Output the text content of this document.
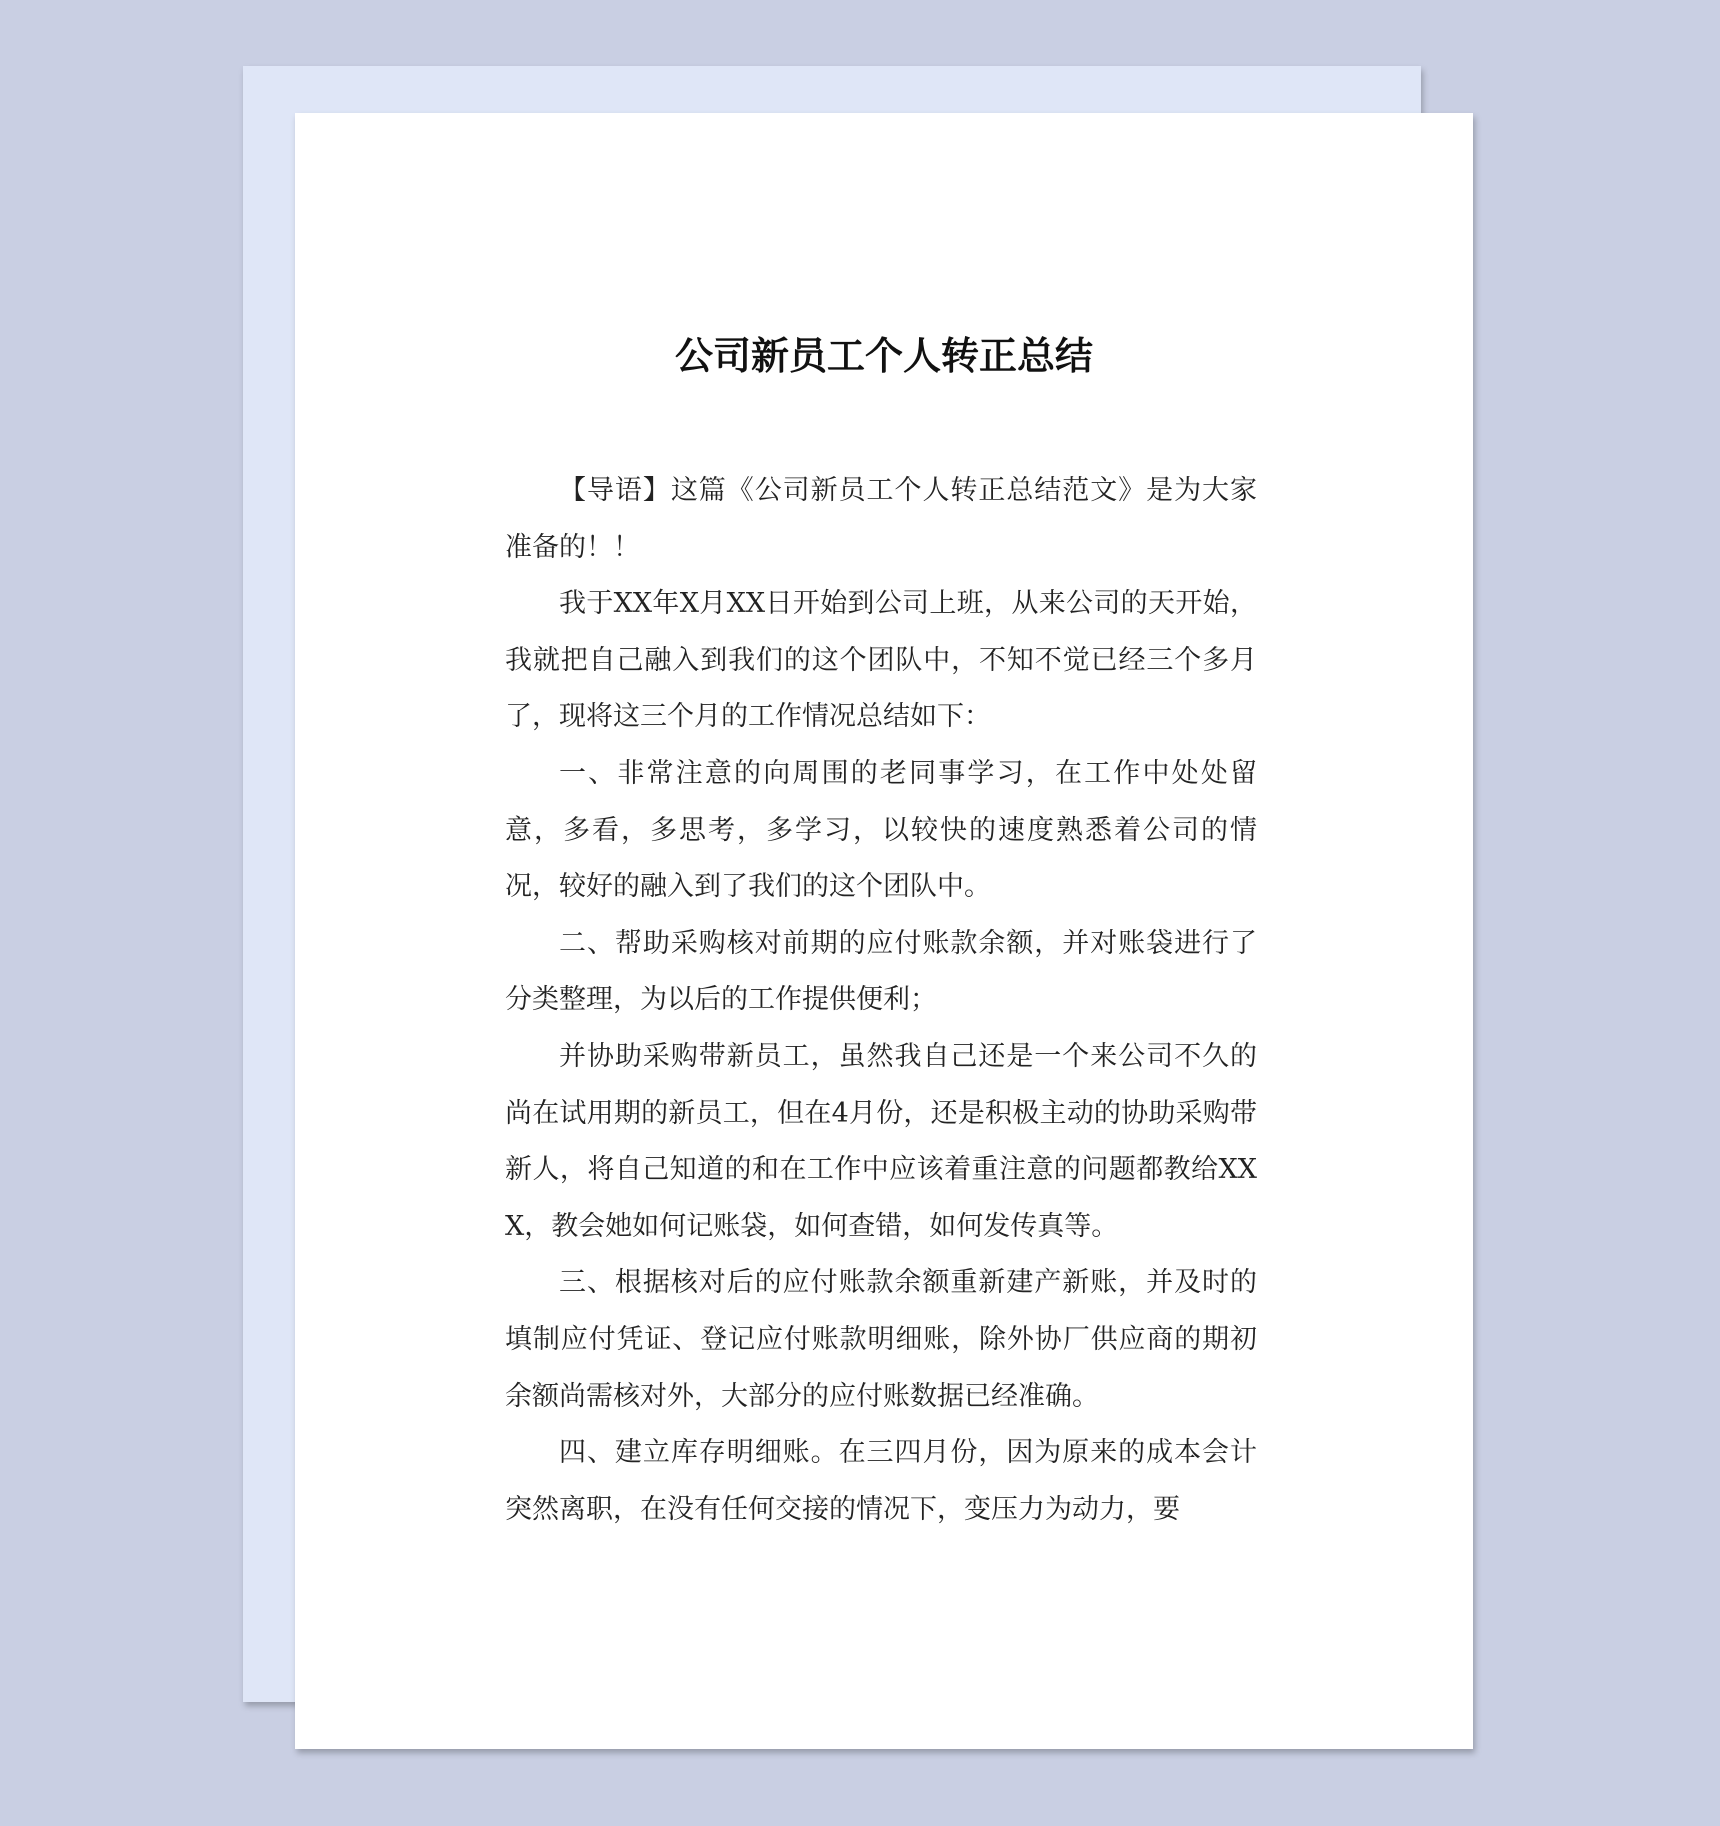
公司新员工个人转正总结

【导语】这篇《公司新员工个人转正总结范文》是为大家准备的！！

我于XX年X月XX日开始到公司上班，从来公司的天开始，我就把自己融入到我们的这个团队中，不知不觉已经三个多月了，现将这三个月的工作情况总结如下：

一、非常注意的向周围的老同事学习，在工作中处处留意，多看，多思考，多学习，以较快的速度熟悉着公司的情况，较好的融入到了我们的这个团队中。

二、帮助采购核对前期的应付账款余额，并对账袋进行了分类整理，为以后的工作提供便利；

并协助采购带新员工，虽然我自己还是一个来公司不久的尚在试用期的新员工，但在4月份，还是积极主动的协助采购带新人，将自己知道的和在工作中应该着重注意的问题都教给XXX，教会她如何记账袋，如何查错，如何发传真等。

三、根据核对后的应付账款余额重新建产新账，并及时的填制应付凭证、登记应付账款明细账，除外协厂供应商的期初余额尚需核对外，大部分的应付账数据已经准确。

四、建立库存明细账。在三四月份，因为原来的成本会计突然离职，在没有任何交接的情况下，变压力为动力，要
